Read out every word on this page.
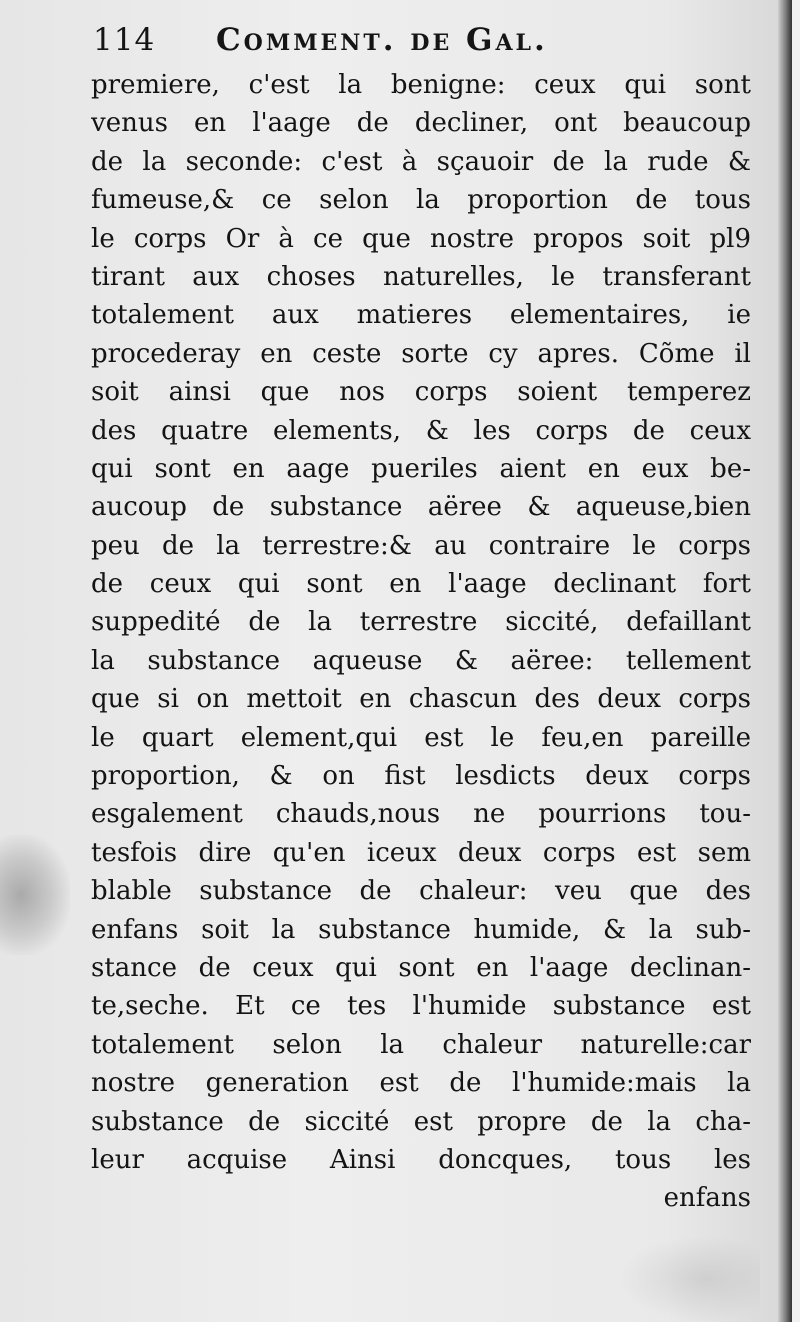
114 Comment. de Gal.
premiere, c'est la benigne: ceux qui sont
venus en l'aage de decliner, ont beaucoup
de la seconde: c'est à sçauoir de la rude &
fumeuse,& ce selon la proportion de tous
le corps Or à ce que nostre propos soit pl9
tirant aux choses naturelles, le transferant
totalement aux matieres elementaires, ie
procederay en ceste sorte cy apres. Cõme il
soit ainsi que nos corps soient temperez
des quatre elements, & les corps de ceux
qui sont en aage pueriles aient en eux be-
aucoup de substance aëree & aqueuse,bien
peu de la terrestre:& au contraire le corps
de ceux qui sont en l'aage declinant fort
suppedité de la terrestre siccité, defaillant
la substance aqueuse & aëree: tellement
que si on mettoit en chascun des deux corps
le quart element,qui est le feu,en pareille
proportion, & on fist lesdicts deux corps
esgalement chauds,nous ne pourrions tou-
tesfois dire qu'en iceux deux corps est sem
blable substance de chaleur: veu que des
enfans soit la substance humide, & la sub-
stance de ceux qui sont en l'aage declinan-
te,seche. Et ce tes l'humide substance est
totalement selon la chaleur naturelle:car
nostre generation est de l'humide:mais la
substance de siccité est propre de la cha-
leur acquise Ainsi doncques, tous les
enfans
